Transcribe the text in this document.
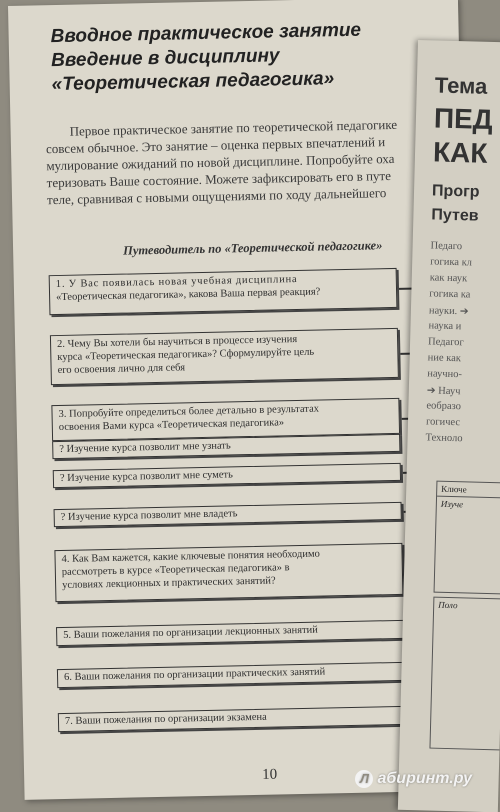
Вводное практическое занятие
Введение в дисциплину
«Теоретическая педагогика»
Первое практическое занятие по теоретической педагогике
совсем обычное. Это занятие – оценка первых впечатлений и
мулирование ожиданий по новой дисциплине. Попробуйте оха
теризовать Ваше состояние. Можете зафиксировать его в путе
теле, сравнивая с новыми ощущениями по ходу дальнейшего
Путеводитель по «Теоретической педагогике»
1. У Вас появилась новая учебная дисциплина
«Теоретическая педагогика», какова Ваша первая реакция?
2. Чему Вы хотели бы научиться в процессе изучения
курса «Теоретическая педагогика»? Сформулируйте цель
его освоения лично для себя
3. Попробуйте определиться более детально в результатах
освоения Вами курса «Теоретическая педагогика»
? Изучение курса позволит мне узнать
? Изучение курса позволит мне суметь
? Изучение курса позволит мне владеть
4. Как Вам кажется, какие ключевые понятия необходимо
рассмотреть в курсе «Теоретическая педагогика» в
условиях лекционных и практических занятий?
5. Ваши пожелания по организации лекционных занятий
6. Ваши пожелания по организации практических занятий
7. Ваши пожелания по организации экзамена
10
Тема
ПЕД
КАК
Прогр
Путев
Педаго
гогика кл
как наук
гогика ка
науки. ➔
наука и
Педагог
ние как
научно-
➔ Науч
еобразо
гогичес
Техноло
Ключе
Изуче
Поло
Л абиринт.ру
